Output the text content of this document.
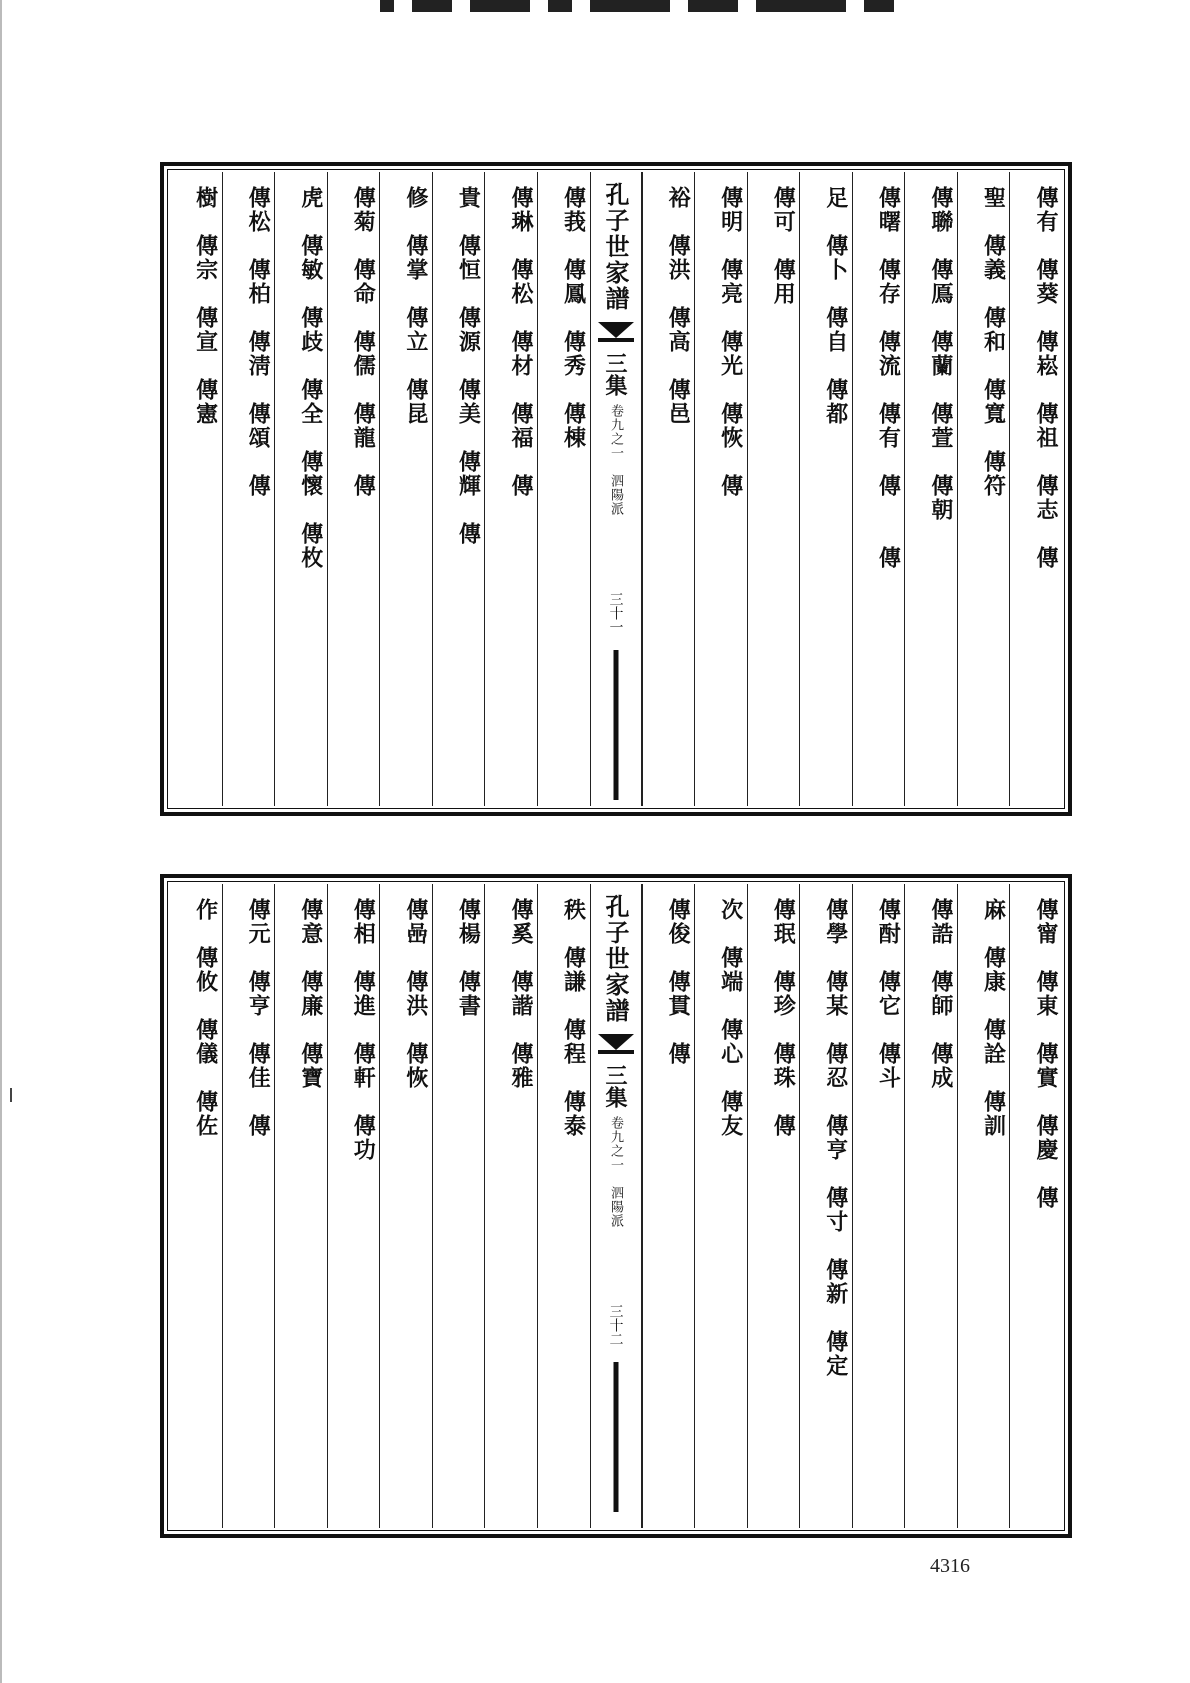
傳有　傳葵　傳崧　傳祖　傳志　傳
聖　傳義　傳和　傳寬　傳符
傳聯　傳鳫　傳蘭　傳萱　傳朝
傳曙　傳存　傳流　傳有　傳　　傳
足　傳卜　傳自　傳都
傳可　傳用
傳明　傳亮　傳光　傳恢　傳
裕　傳洪　傳高　傳邑
孔子世家譜
三集
卷九之一　泗陽派
三十一
傳莪　傳鳳　傳秀　傳棟
傳琳　傳松　傳材　傳福　傳
貴　傳恒　傳源　傳美　傳輝　傳
修　傳掌　傳立　傳昆
傳菊　傳命　傳儒　傳龍　傳
虎　傳敏　傳歧　傳全　傳懷　傳枚
傳松　傳柏　傳淸　傳頌　傳
樹　傳宗　傳宣　傳憲
傳甯　傳東　傳實　傳慶　傳
麻　傳康　傳詮　傳訓
傳誥　傳師　傳成
傳酎　傳它　傳斗
傳學　傳某　傳忍　傳亨　傳寸　傳新　傳定
傳珉　傳珍　傳珠　傳
次　傳端　傳心　傳友
傳俊　傳貫　傳
孔子世家譜
三集
卷九之一　泗陽派
三十二
秩　傳謙　傳程　傳泰
傳奚　傳諧　傳雅
傳楊　傳書
傳喦　傳洪　傳恢
傳相　傳進　傳軒　傳功
傳意　傳廉　傳寶
傳元　傳亨　傳佳　傳
作　傳攸　傳儀　傳佐
4316
